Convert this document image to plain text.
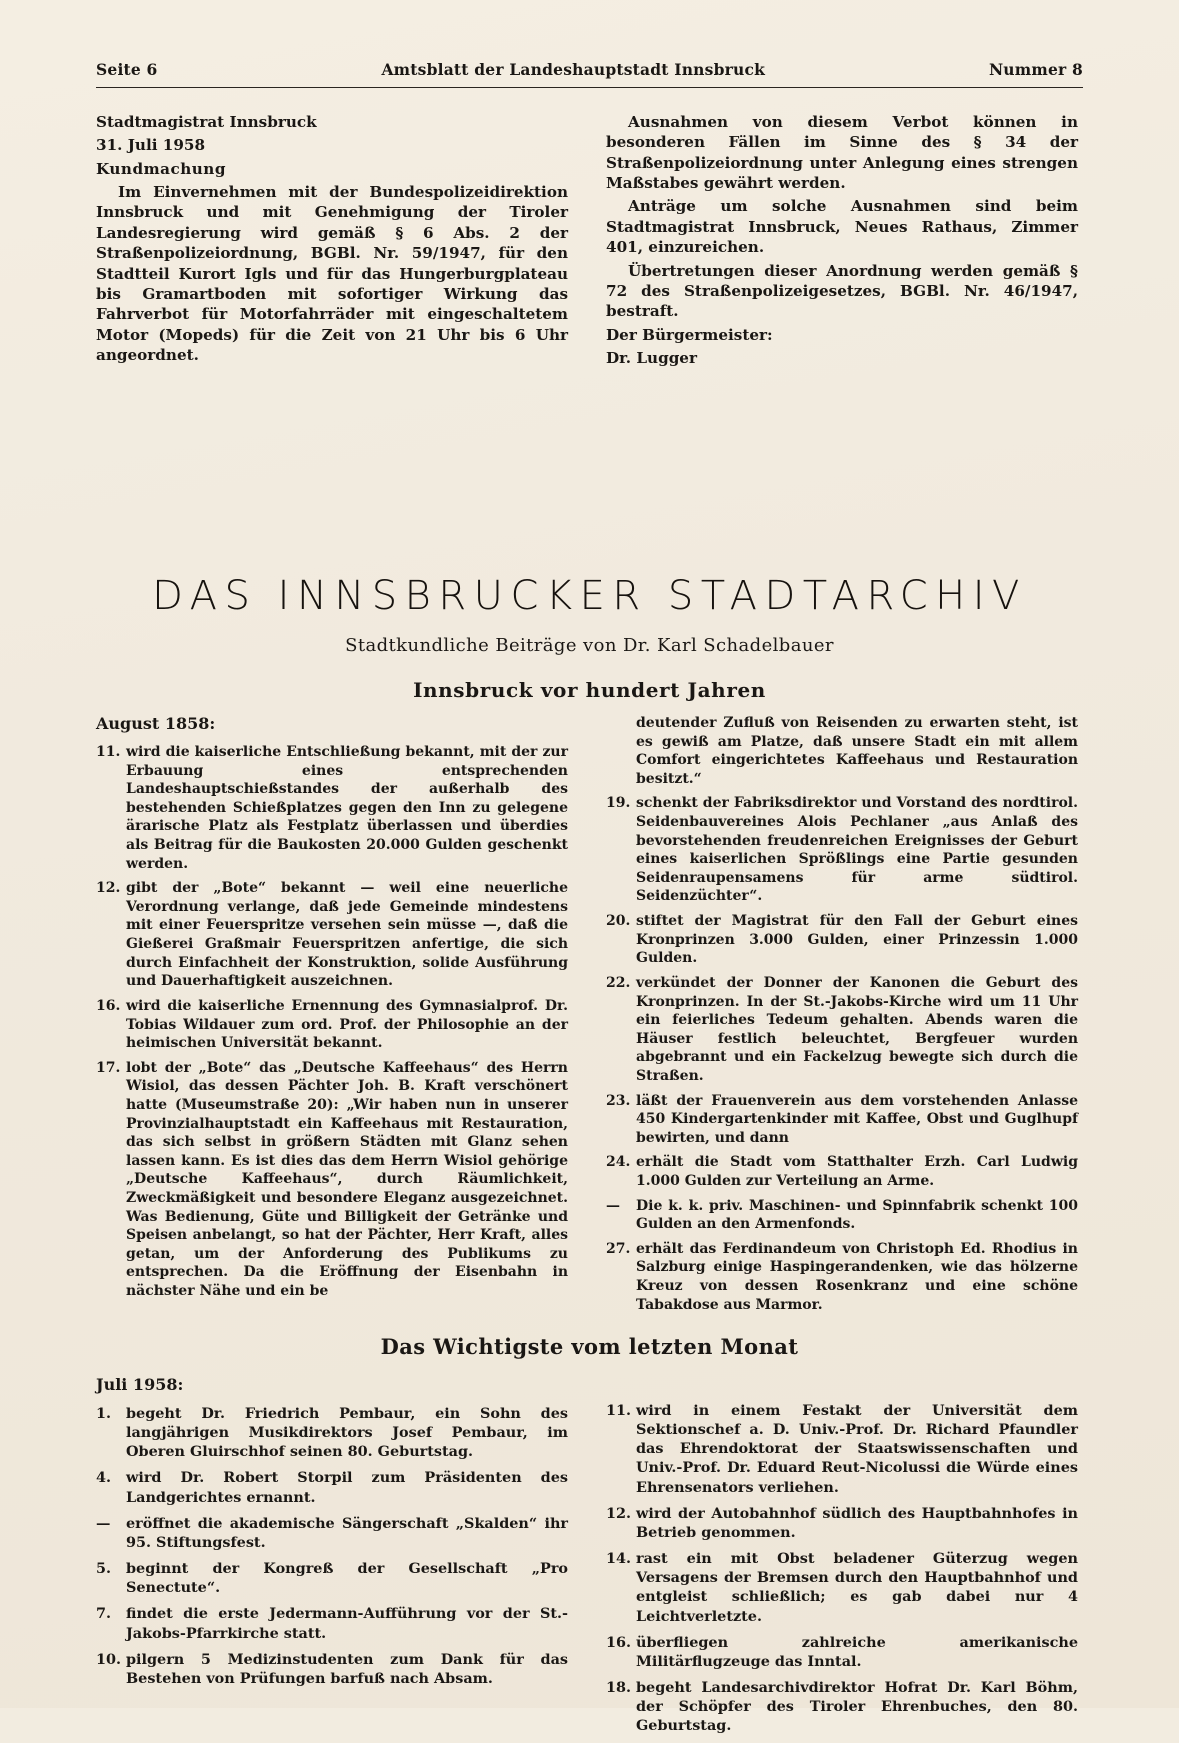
Seite 6	Amtsblatt der Landeshauptstadt Innsbruck	Nummer 8

Stadtmagistrat Innsbruck

31. Juli 1958

Kundmachung

Im Einvernehmen mit der Bundespolizeidirektion Innsbruck und mit Genehmigung der Tiroler Landesregierung wird gemäß § 6 Abs. 2 der Straßenpolizeiordnung, BGBl. Nr. 59/1947, für den Stadtteil Kurort Igls und für das Hungerburgplateau bis Gramartboden mit sofortiger Wirkung das Fahrverbot für Motorfahrräder mit eingeschaltetem Motor (Mopeds) für die Zeit von 21 Uhr bis 6 Uhr angeordnet.

Ausnahmen von diesem Verbot können in besonderen Fällen im Sinne des § 34 der Straßenpolizeiordnung unter Anlegung eines strengen Maßstabes gewährt werden.

Anträge um solche Ausnahmen sind beim Stadtmagistrat Innsbruck, Neues Rathaus, Zimmer 401, einzureichen.

Übertretungen dieser Anordnung werden gemäß § 72 des Straßenpolizeigesetzes, BGBl. Nr. 46/1947, bestraft.

Der Bürgermeister:

Dr. Lugger

DAS INNSBRUCKER STADTARCHIV
Stadtkundliche Beiträge von Dr. Karl Schadelbauer
Innsbruck vor hundert Jahren
August 1858:
11. wird die kaiserliche Entschließung bekannt, mit der zur Erbauung eines entsprechenden Landeshauptschießstandes der außerhalb des bestehenden Schießplatzes gegen den Inn zu gelegene ärarische Platz als Festplatz überlassen und überdies als Beitrag für die Baukosten 20.000 Gulden geschenkt werden.
12. gibt der „Bote“ bekannt — weil eine neuerliche Verordnung verlange, daß jede Gemeinde mindestens mit einer Feuerspritze versehen sein müsse —, daß die Gießerei Graßmair Feuerspritzen anfertige, die sich durch Einfachheit der Konstruktion, solide Ausführung und Dauerhaftigkeit auszeichnen.
16. wird die kaiserliche Ernennung des Gymnasialprof. Dr. Tobias Wildauer zum ord. Prof. der Philosophie an der heimischen Universität bekannt.
17. lobt der „Bote“ das „Deutsche Kaffeehaus“ des Herrn Wisiol, das dessen Pächter Joh. B. Kraft verschönert hatte (Museumstraße 20): „Wir haben nun in unserer Provinzialhauptstadt ein Kaffeehaus mit Restauration, das sich selbst in größern Städten mit Glanz sehen lassen kann. Es ist dies das dem Herrn Wisiol gehörige „Deutsche Kaffeehaus“, durch Räumlichkeit, Zweckmäßigkeit und besondere Eleganz ausgezeichnet. Was Bedienung, Güte und Billigkeit der Getränke und Speisen anbelangt, so hat der Pächter, Herr Kraft, alles getan, um der Anforderung des Publikums zu entsprechen. Da die Eröffnung der Eisenbahn in nächster Nähe und ein be
deutender Zufluß von Reisenden zu erwarten steht, ist es gewiß am Platze, daß unsere Stadt ein mit allem Comfort eingerichtetes Kaffeehaus und Restauration besitzt.“
19. schenkt der Fabriksdirektor und Vorstand des nordtirol. Seidenbauvereines Alois Pechlaner „aus Anlaß des bevorstehenden freudenreichen Ereignisses der Geburt eines kaiserlichen Sprößlings eine Partie gesunden Seidenraupensamens für arme südtirol. Seidenzüchter“.
20. stiftet der Magistrat für den Fall der Geburt eines Kronprinzen 3.000 Gulden, einer Prinzessin 1.000 Gulden.
22. verkündet der Donner der Kanonen die Geburt des Kronprinzen. In der St.-Jakobs-Kirche wird um 11 Uhr ein feierliches Tedeum gehalten. Abends waren die Häuser festlich beleuchtet, Bergfeuer wurden abgebrannt und ein Fackelzug bewegte sich durch die Straßen.
23. läßt der Frauenverein aus dem vorstehenden Anlasse 450 Kindergartenkinder mit Kaffee, Obst und Guglhupf bewirten, und dann
24. erhält die Stadt vom Statthalter Erzh. Carl Ludwig 1.000 Gulden zur Verteilung an Arme.
—	Die k. k. priv. Maschinen- und Spinnfabrik schenkt 100 Gulden an den Armenfonds.
27. erhält das Ferdinandeum von Christoph Ed. Rhodius in Salzburg einige Haspingerandenken, wie das hölzerne Kreuz von dessen Rosenkranz und eine schöne Tabakdose aus Marmor.
Das Wichtigste vom letzten Monat
Juli 1958:
1.	begeht Dr. Friedrich Pembaur, ein Sohn des langjährigen Musikdirektors Josef Pembaur, im Oberen Gluirschhof seinen 80. Geburtstag.
4.	wird Dr. Robert Storpil zum Präsidenten des Landgerichtes ernannt.
—	eröffnet die akademische Sängerschaft „Skalden“ ihr 95. Stiftungsfest.
5.	beginnt der Kongreß der Gesellschaft „Pro Senectute“.
7.	findet die erste Jedermann-Aufführung vor der St.-Jakobs-Pfarrkirche statt.
10. pilgern 5 Medizinstudenten zum Dank für das Bestehen von Prüfungen barfuß nach Absam.
11. wird in einem Festakt der Universität dem Sektionschef a. D. Univ.-Prof. Dr. Richard Pfaundler das Ehrendoktorat der Staatswissenschaften und Univ.-Prof. Dr. Eduard Reut-Nicolussi die Würde eines Ehrensenators verliehen.
12. wird der Autobahnhof südlich des Hauptbahnhofes in Betrieb genommen.
14. rast ein mit Obst beladener Güterzug wegen Versagens der Bremsen durch den Hauptbahnhof und entgleist schließlich; es gab dabei nur 4 Leichtverletzte.
16. überfliegen zahlreiche amerikanische Militärflugzeuge das Inntal.
18. begeht Landesarchivdirektor Hofrat Dr. Karl Böhm, der Schöpfer des Tiroler Ehrenbuches, den 80. Geburtstag.
